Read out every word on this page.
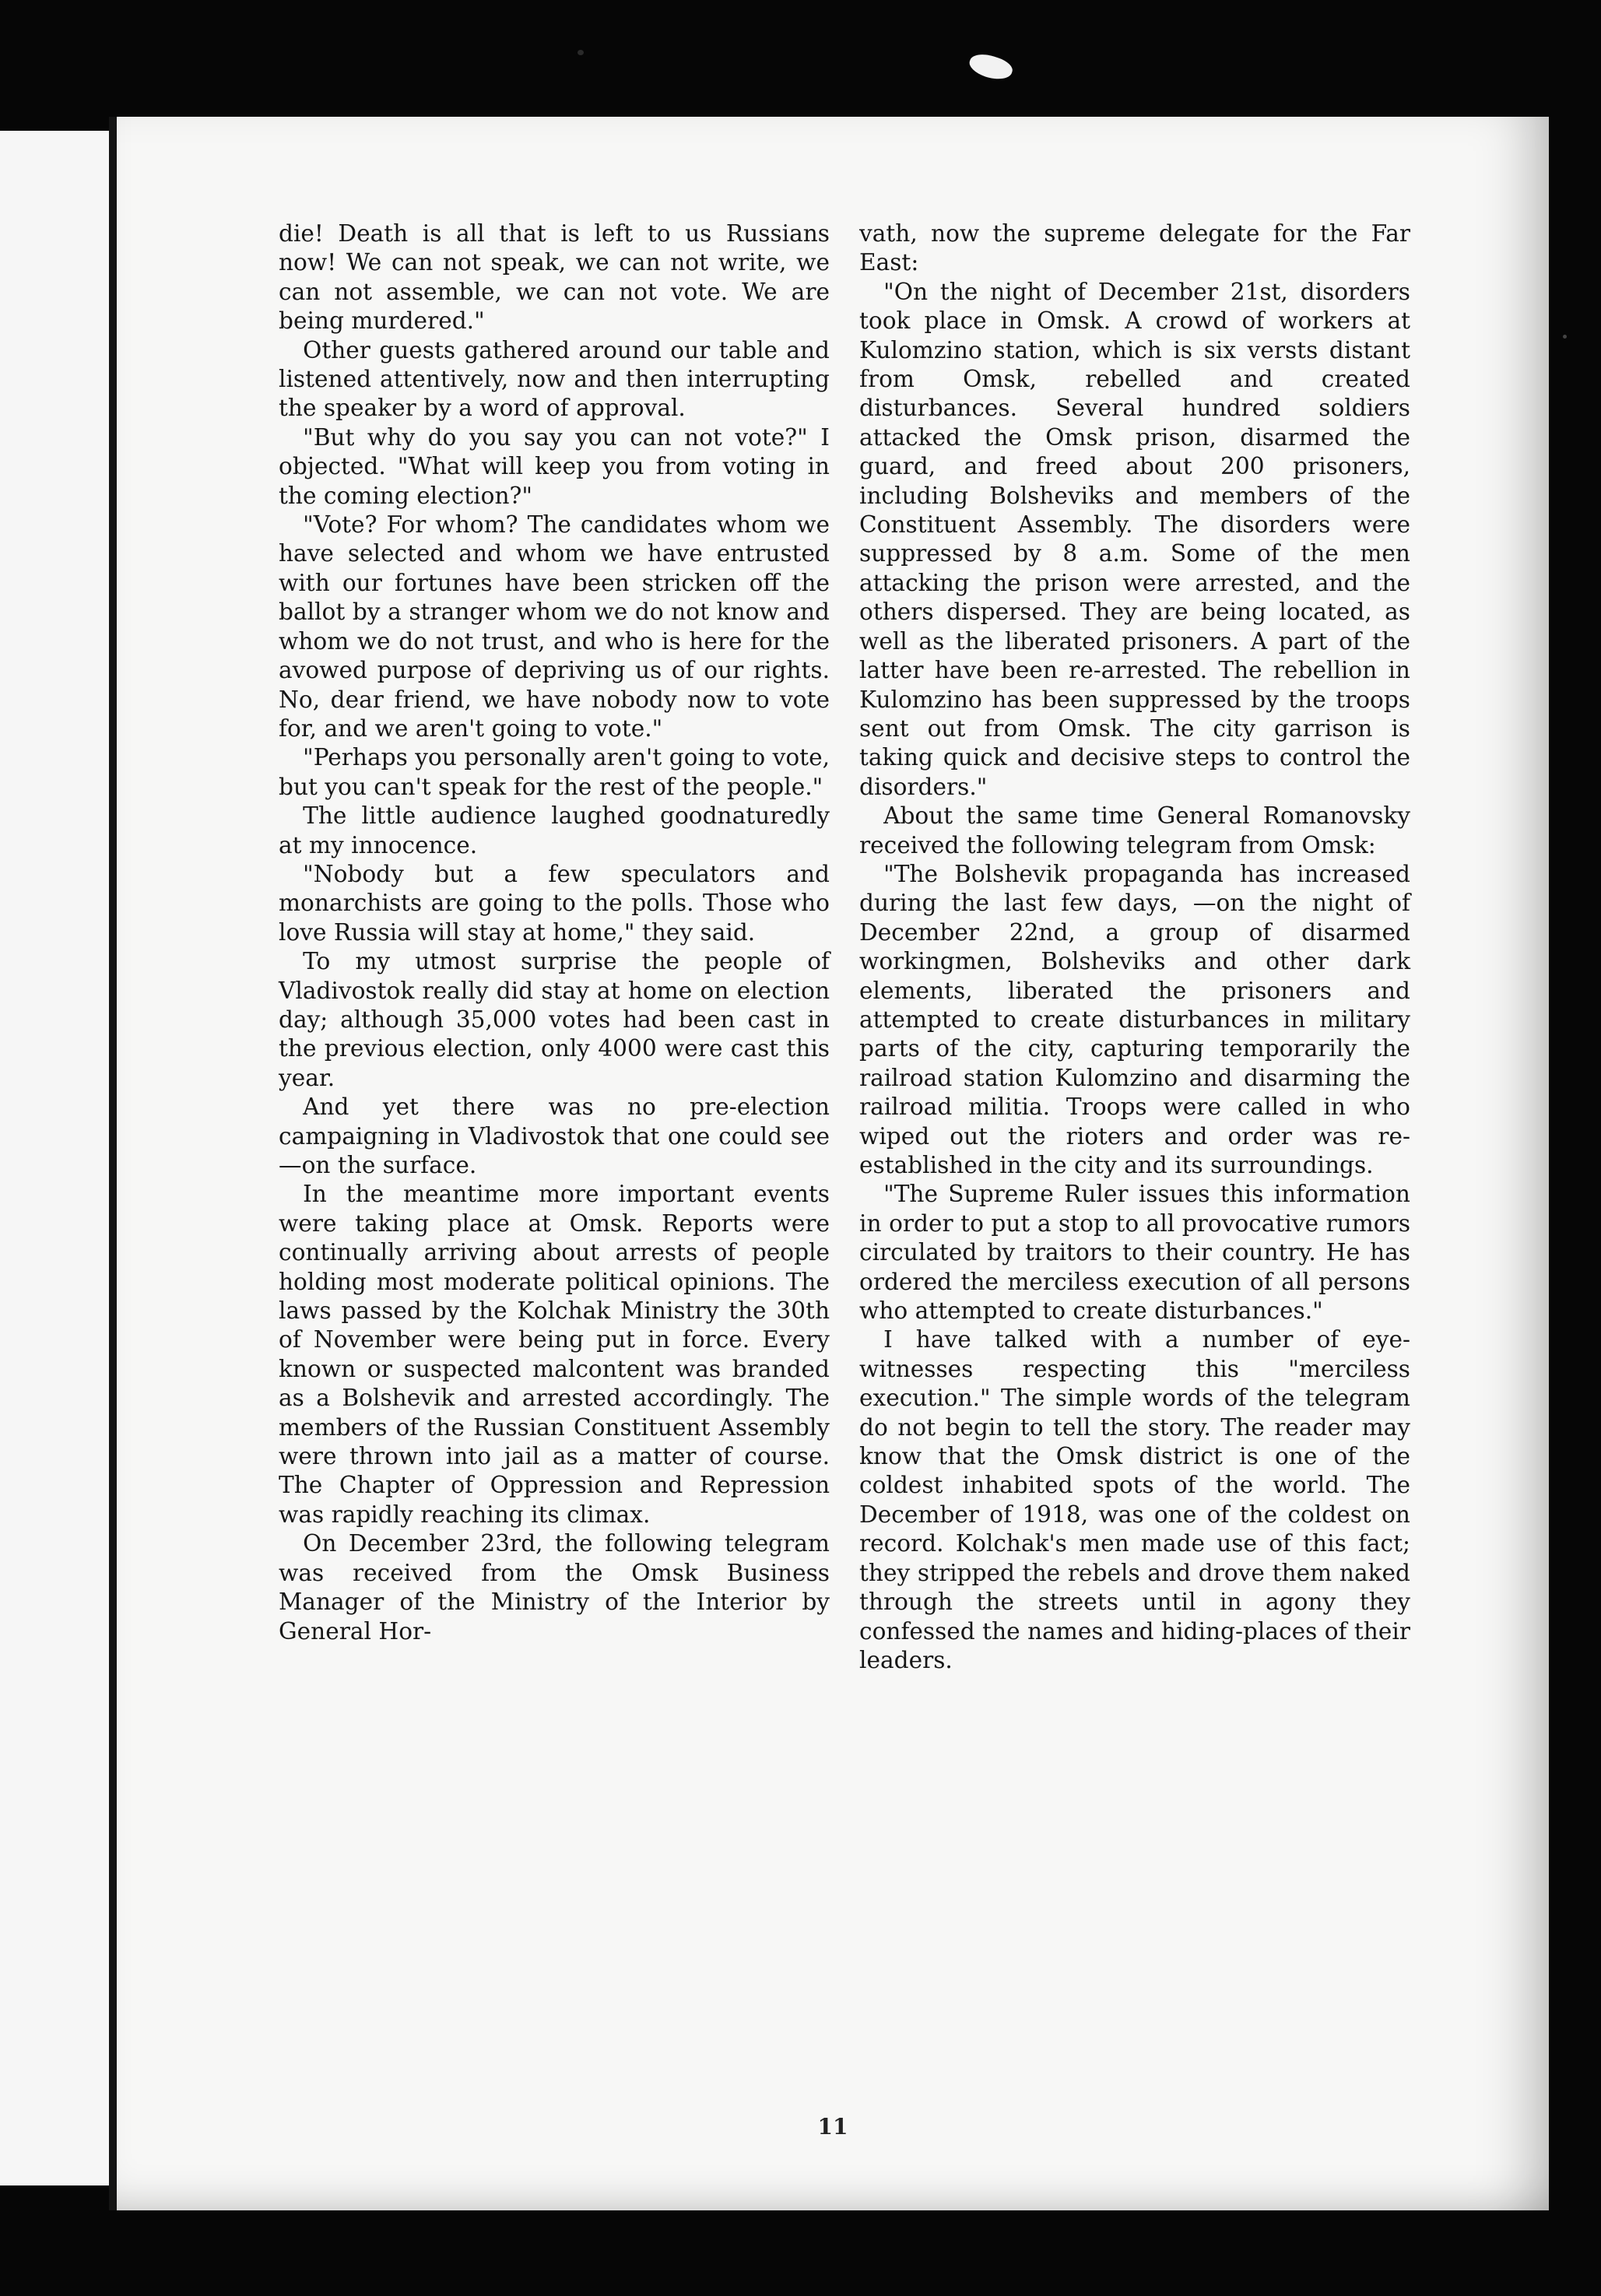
die! Death is all that is left to us Russians now! We can not speak, we can not write, we can not assemble, we can not vote. We are being murdered."

Other guests gathered around our table and listened attentively, now and then interrupting the speaker by a word of approval.

"But why do you say you can not vote?" I objected. "What will keep you from voting in the coming election?"

"Vote? For whom? The candidates whom we have selected and whom we have entrusted with our fortunes have been stricken off the ballot by a stranger whom we do not know and whom we do not trust, and who is here for the avowed purpose of depriving us of our rights. No, dear friend, we have nobody now to vote for, and we aren't going to vote."

"Perhaps you personally aren't going to vote, but you can't speak for the rest of the people."

The little audience laughed goodnaturedly at my innocence.

"Nobody but a few speculators and monarchists are going to the polls. Those who love Russia will stay at home," they said.

To my utmost surprise the people of Vladivostok really did stay at home on election day; although 35,000 votes had been cast in the previous election, only 4000 were cast this year.

And yet there was no pre-election campaigning in Vladivostok that one could see—on the surface.

In the meantime more important events were taking place at Omsk. Reports were continually arriving about arrests of people holding most moderate political opinions. The laws passed by the Kolchak Ministry the 30th of November were being put in force. Every known or suspected malcontent was branded as a Bolshevik and arrested accordingly. The members of the Russian Constituent Assembly were thrown into jail as a matter of course. The Chapter of Oppression and Repression was rapidly reaching its climax.

On December 23rd, the following telegram was received from the Omsk Business Manager of the Ministry of the Interior by General Hor-

vath, now the supreme delegate for the Far East:

"On the night of December 21st, disorders took place in Omsk. A crowd of workers at Kulomzino station, which is six versts distant from Omsk, rebelled and created disturbances. Several hundred soldiers attacked the Omsk prison, disarmed the guard, and freed about 200 prisoners, including Bolsheviks and members of the Constituent Assembly. The disorders were suppressed by 8 a.m. Some of the men attacking the prison were arrested, and the others dispersed. They are being located, as well as the liberated prisoners. A part of the latter have been re-arrested. The rebellion in Kulomzino has been suppressed by the troops sent out from Omsk. The city garrison is taking quick and decisive steps to control the disorders."

About the same time General Romanovsky received the following telegram from Omsk:

"The Bolshevik propaganda has increased during the last few days, —on the night of December 22nd, a group of disarmed workingmen, Bolsheviks and other dark elements, liberated the prisoners and attempted to create disturbances in military parts of the city, capturing temporarily the railroad station Kulomzino and disarming the railroad militia. Troops were called in who wiped out the rioters and order was re-established in the city and its surroundings.

"The Supreme Ruler issues this information in order to put a stop to all provocative rumors circulated by traitors to their country. He has ordered the merciless execution of all persons who attempted to create disturbances."

I have talked with a number of eye-witnesses respecting this "merciless execution." The simple words of the telegram do not begin to tell the story. The reader may know that the Omsk district is one of the coldest inhabited spots of the world. The December of 1918, was one of the coldest on record. Kolchak's men made use of this fact; they stripped the rebels and drove them naked through the streets until in agony they confessed the names and hiding-places of their leaders.

11
